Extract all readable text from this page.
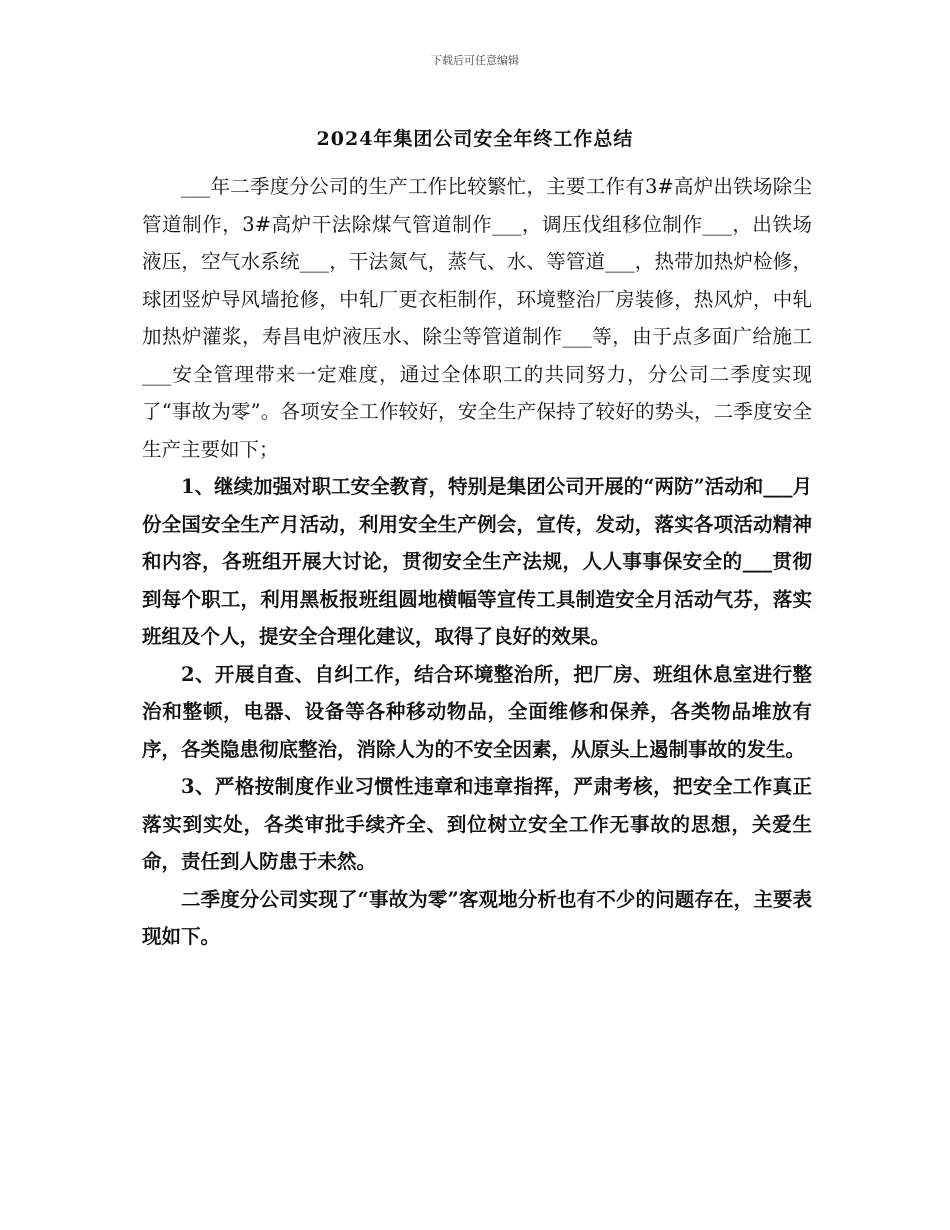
下载后可任意编辑
2024年集团公司安全年终工作总结

___年二季度分公司的生产工作比较繁忙，主要工作有3#高炉出铁场除尘管道制作，3#高炉干法除煤气管道制作___，调压伐组移位制作___，出铁场液压，空气水系统___，干法氮气，蒸气、水、等管道___，热带加热炉检修，球团竖炉导风墙抢修，中轧厂更衣柜制作，环境整治厂房装修，热风炉，中轧加热炉灌浆，寿昌电炉液压水、除尘等管道制作___等，由于点多面广给施工___安全管理带来一定难度，通过全体职工的共同努力，分公司二季度实现了“事故为零”。各项安全工作较好，安全生产保持了较好的势头，二季度安全生产主要如下；

1、继续加强对职工安全教育，特别是集团公司开展的“两防”活动和___月份全国安全生产月活动，利用安全生产例会，宣传，发动，落实各项活动精神和内容，各班组开展大讨论，贯彻安全生产法规，人人事事保安全的___贯彻到每个职工，利用黑板报班组圆地横幅等宣传工具制造安全月活动气芬，落实班组及个人，提安全合理化建议，取得了良好的效果。

2、开展自查、自纠工作，结合环境整治所，把厂房、班组休息室进行整治和整顿，电器、设备等各种移动物品，全面维修和保养，各类物品堆放有序，各类隐患彻底整治，消除人为的不安全因素，从原头上遏制事故的发生。

3、严格按制度作业习惯性违章和违章指挥，严肃考核，把安全工作真正落实到实处，各类审批手续齐全、到位树立安全工作无事故的思想，关爱生命，责任到人防患于未然。

二季度分公司实现了“事故为零”客观地分析也有不少的问题存在，主要表现如下。
